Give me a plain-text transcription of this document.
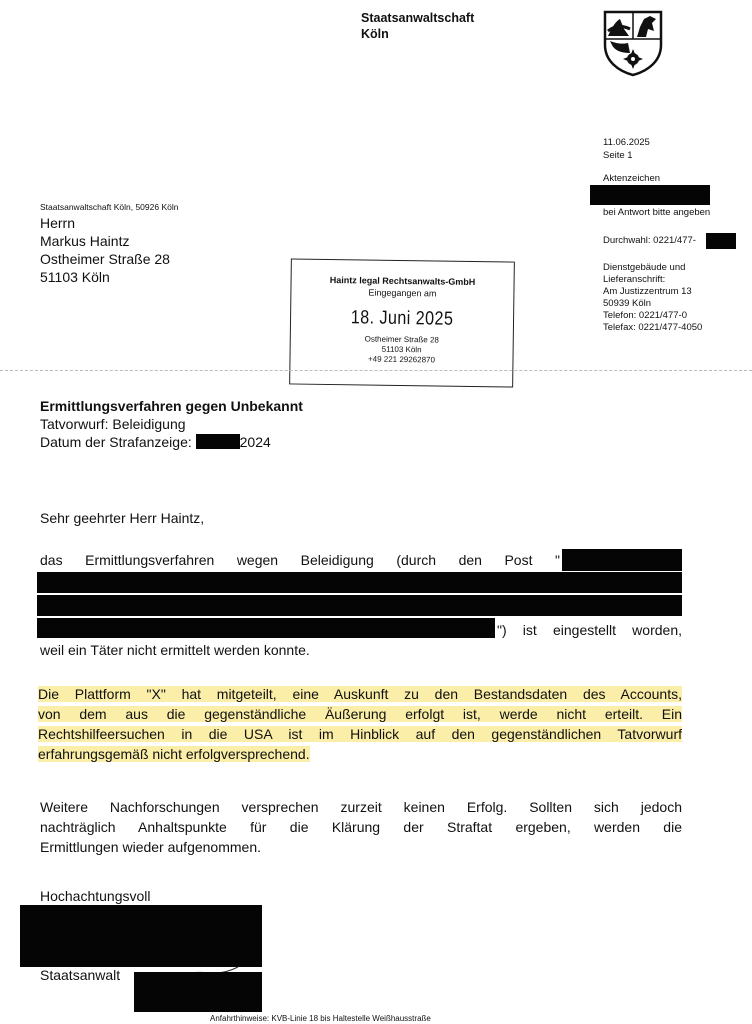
Staatsanwaltschaft
Köln
11.06.2025
Seite 1
Aktenzeichen
bei Antwort bitte angeben
Durchwahl: 0221/477-
Dienstgebäude und
Lieferanschrift:
Am Justizzentrum 13
50939 Köln
Telefon: 0221/477-0
Telefax: 0221/477-4050
Staatsanwaltschaft Köln, 50926 Köln
Herrn
Markus Haintz
Ostheimer Straße 28
51103 Köln	Haintz legal Rechtsanwalts-GmbH
Eingegangen am
18. Juni 2025
Ostheimer Straße 28
51103 Köln
+49 221 29262870
Ermittlungsverfahren gegen Unbekannt
Tatvorwurf: Beleidigung
Datum der Strafanzeige:	2024
Sehr geehrter Herr Haintz,
das Ermittlungsverfahren wegen Beleidigung (durch den Post "
") ist eingestellt worden,
weil ein Täter nicht ermittelt werden konnte.
Die Plattform "X" hat mitgeteilt, eine Auskunft zu den Bestandsdaten des Accounts,
von dem aus die gegenständliche Äußerung erfolgt ist, werde nicht erteilt. Ein
Rechtshilfeersuchen in die USA ist im Hinblick auf den gegenständlichen Tatvorwurf
erfahrungsgemäß nicht erfolgversprechend.
Weitere Nachforschungen versprechen zurzeit keinen Erfolg. Sollten sich jedoch
nachträglich Anhaltspunkte für die Klärung der Straftat ergeben, werden die
Ermittlungen wieder aufgenommen.
Hochachtungsvoll
Staatsanwalt
Anfahrthinweise: KVB-Linie 18 bis Haltestelle Weißhausstraße
